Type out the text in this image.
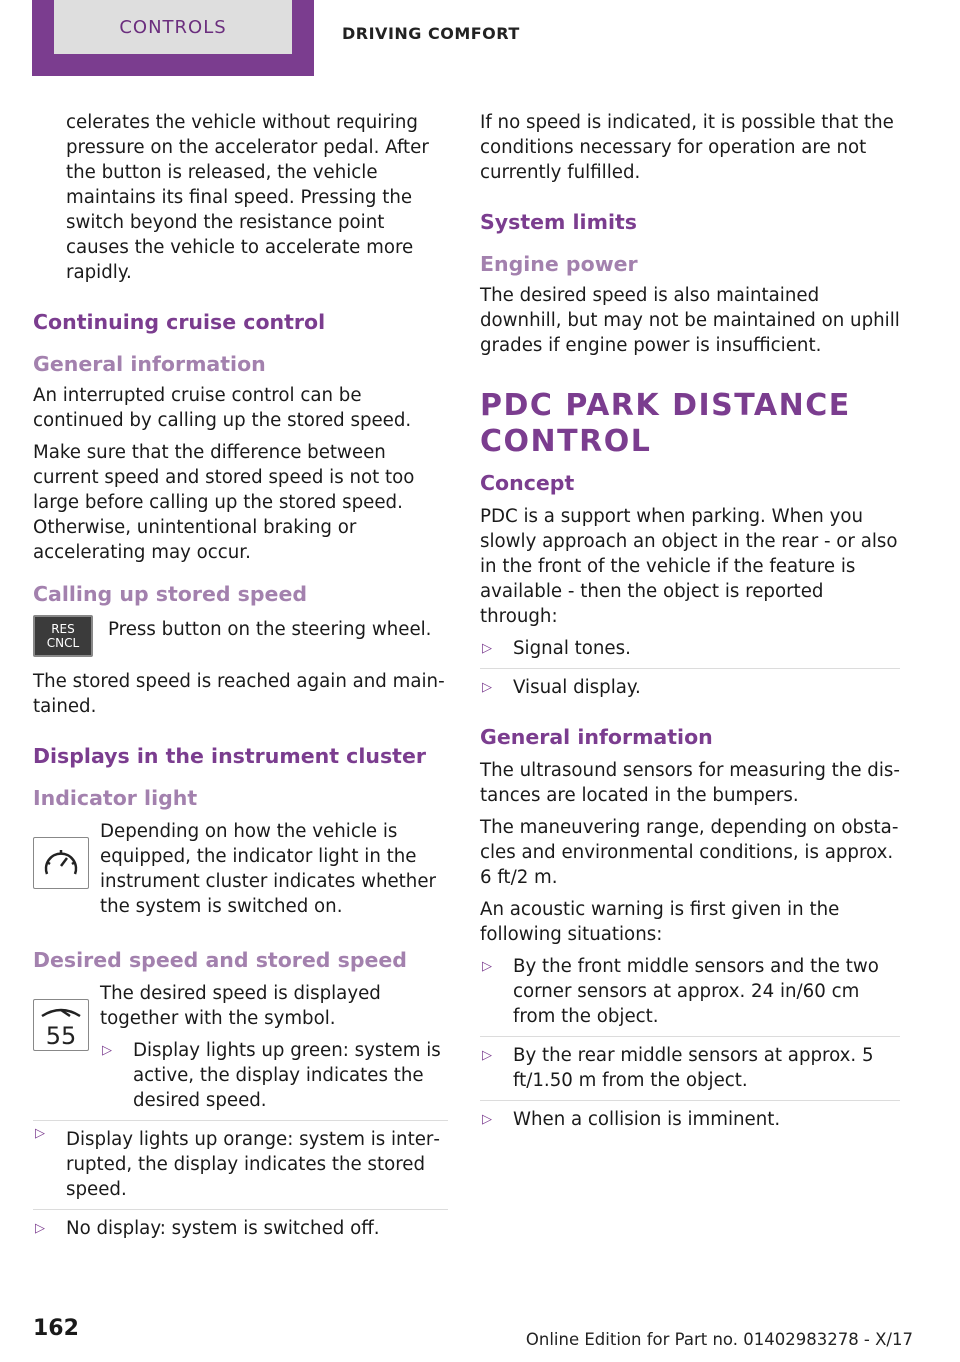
CONTROLS	DRIVING COMFORT

celerates the vehicle without requiring pressure on the accelerator pedal. After the button is released, the vehicle maintains its final speed. Pressing the switch beyond the resistance point causes the vehicle to accelerate more rapidly.

Continuing cruise control
General information

An interrupted cruise control can be continued by calling up the stored speed.

Make sure that the difference between current speed and stored speed is not too large before calling up the stored speed. Otherwise, unintentional braking or accelerating may occur.

Calling up stored speed
RES
CNCL

Press button on the steering wheel.

The stored speed is reached again and maintained.

Displays in the instrument cluster
Indicator light

Depending on how the vehicle is equipped, the indicator light in the instrument cluster indicates whether the system is switched on.

Desired speed and stored speed
55

The desired speed is displayed together with the symbol.

▷ Display lights up green: system is active, the display indicates the desired speed.
▷ Display lights up orange: system is interrupted, the display indicates the stored speed.
▷ No display: system is switched off.

If no speed is indicated, it is possible that the conditions necessary for operation are not currently fulfilled.

System limits
Engine power

The desired speed is also maintained downhill, but may not be maintained on uphill grades if engine power is insufficient.

PDC PARK DISTANCE CONTROL
Concept

PDC is a support when parking. When you slowly approach an object in the rear - or also in the front of the vehicle if the feature is available - then the object is reported through:

▷ Signal tones.
▷ Visual display.
General information

The ultrasound sensors for measuring the distances are located in the bumpers.

The maneuvering range, depending on obstacles and environmental conditions, is approx. 6 ft/2 m.

An acoustic warning is first given in the following situations:

▷ By the front middle sensors and the two corner sensors at approx. 24 in/60 cm from the object.
▷ By the rear middle sensors at approx. 5 ft/1.50 m from the object.
▷ When a collision is imminent.
162	Online Edition for Part no. 01402983278 - X/17
